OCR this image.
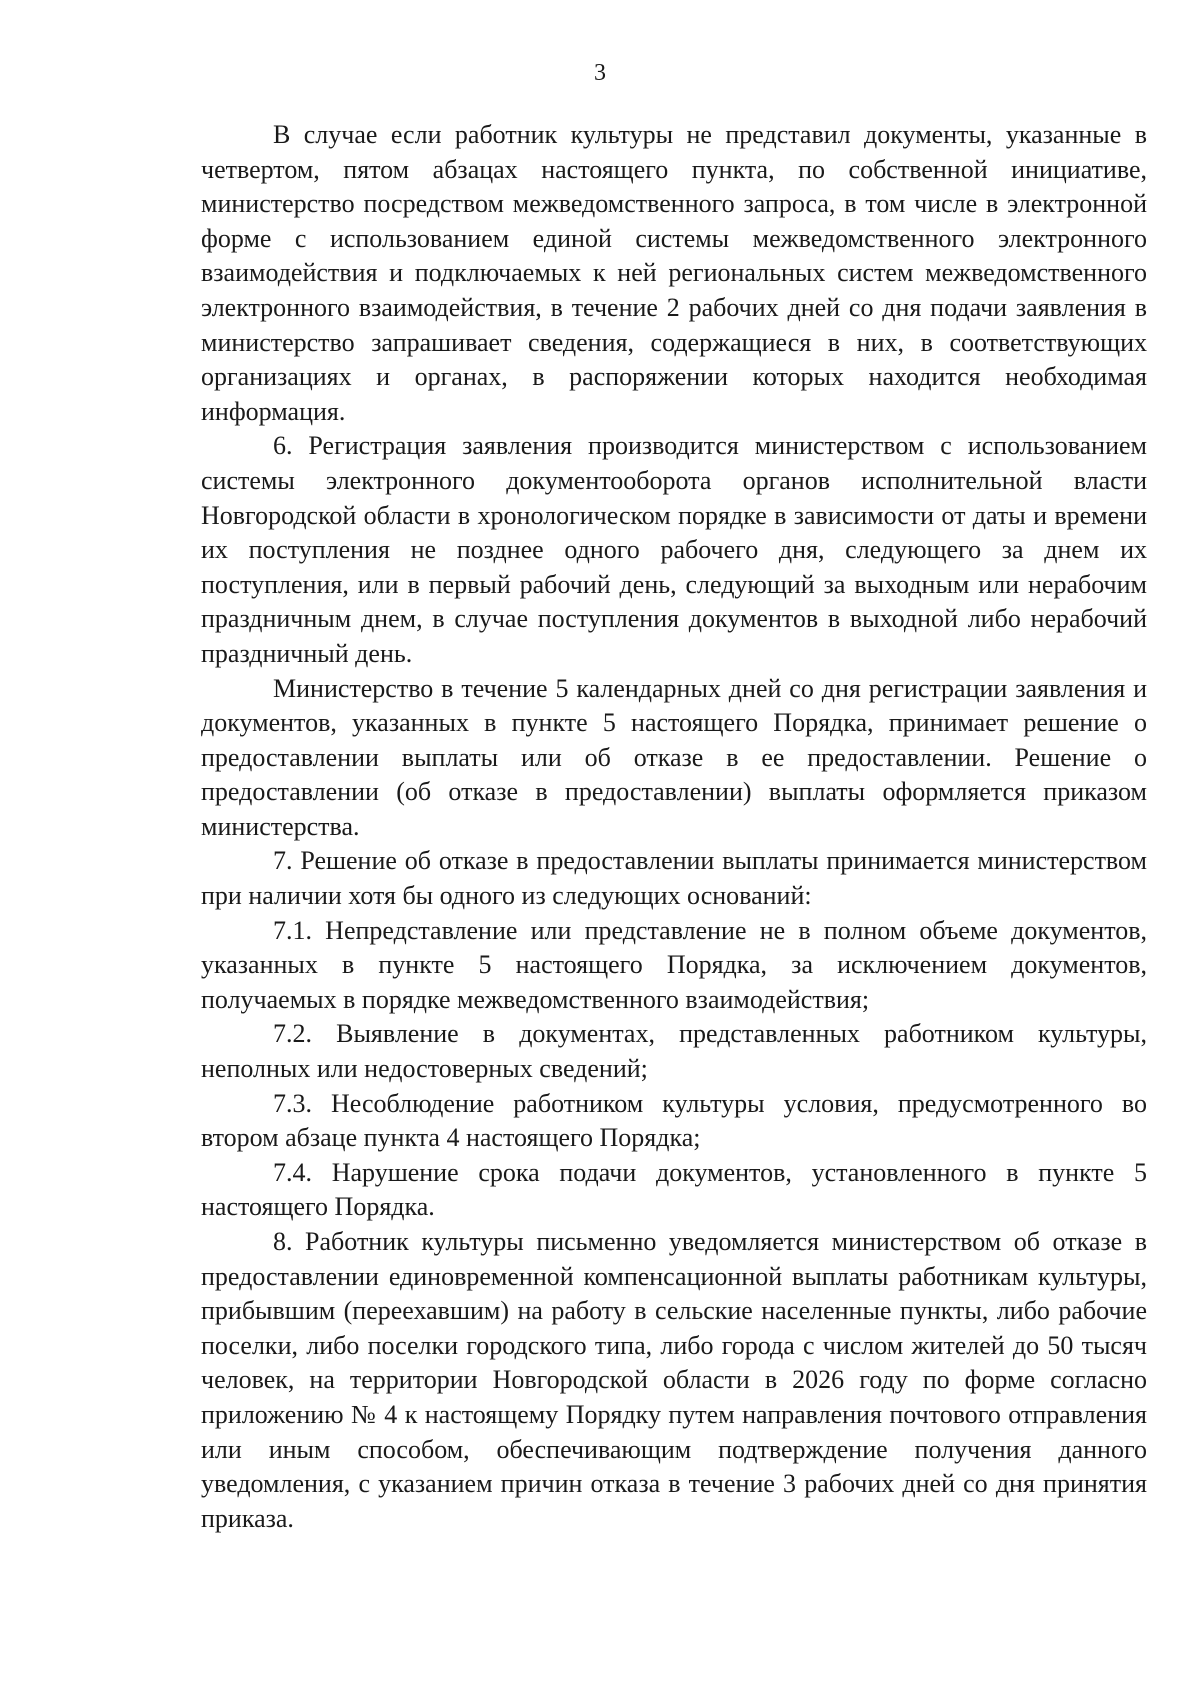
3

В случае если работник культуры не представил документы, указанные в четвертом, пятом абзацах настоящего пункта, по собственной инициативе, министерство посредством межведомственного запроса, в том числе в электронной форме с использованием единой системы межведомственного электронного взаимодействия и подключаемых к ней региональных систем межведомственного электронного взаимодействия, в течение 2 рабочих дней со дня подачи заявления в министерство запрашивает сведения, содержащиеся в них, в соответствующих организациях и органах, в распоряжении которых находится необходимая информация.

6. Регистрация заявления производится министерством с использованием системы электронного документооборота органов исполнительной власти Новгородской области в хронологическом порядке в зависимости от даты и времени их поступления не позднее одного рабочего дня, следующего за днем их поступления, или в первый рабочий день, следующий за выходным или нерабочим праздничным днем, в случае поступления документов в выходной либо нерабочий праздничный день.

Министерство в течение 5 календарных дней со дня регистрации заявления и документов, указанных в пункте 5 настоящего Порядка, принимает решение о предоставлении выплаты или об отказе в ее предоставлении. Решение о предоставлении (об отказе в предоставлении) выплаты оформляется приказом министерства.

7. Решение об отказе в предоставлении выплаты принимается министерством при наличии хотя бы одного из следующих оснований:

7.1. Непредставление или представление не в полном объеме документов, указанных в пункте 5 настоящего Порядка, за исключением документов, получаемых в порядке межведомственного взаимодействия;

7.2. Выявление в документах, представленных работником культуры, неполных или недостоверных сведений;

7.3. Несоблюдение работником культуры условия, предусмотренного во втором абзаце пункта 4 настоящего Порядка;

7.4. Нарушение срока подачи документов, установленного в пункте 5 настоящего Порядка.

8. Работник культуры письменно уведомляется министерством об отказе в предоставлении единовременной компенсационной выплаты работникам культуры, прибывшим (переехавшим) на работу в сельские населенные пункты, либо рабочие поселки, либо поселки городского типа, либо города с числом жителей до 50 тысяч человек, на территории Новгородской области в 2026 году по форме согласно приложению № 4 к настоящему Порядку путем направления почтового отправления или иным способом, обеспечивающим подтверждение получения данного уведомления, с указанием причин отказа в течение 3 рабочих дней со дня принятия приказа.
